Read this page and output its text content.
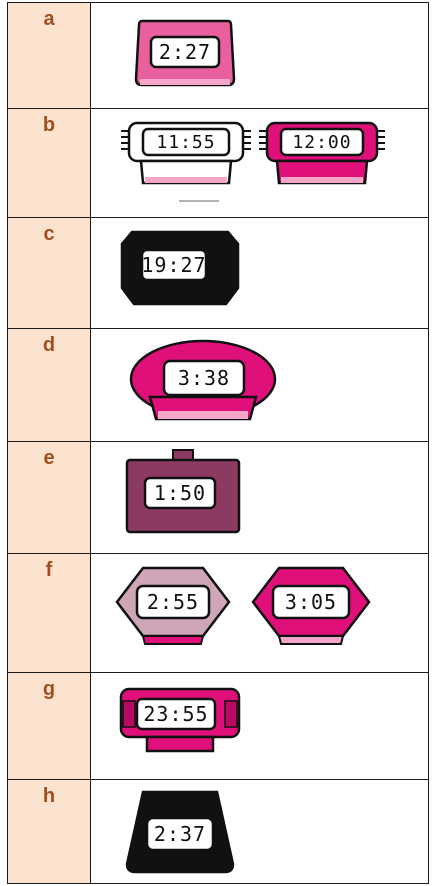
a	2:27

b	11:55 12:00

c	19:27

d	3:38

e	1:50

f	2:55 3:05

g	23:55

h	2:37
